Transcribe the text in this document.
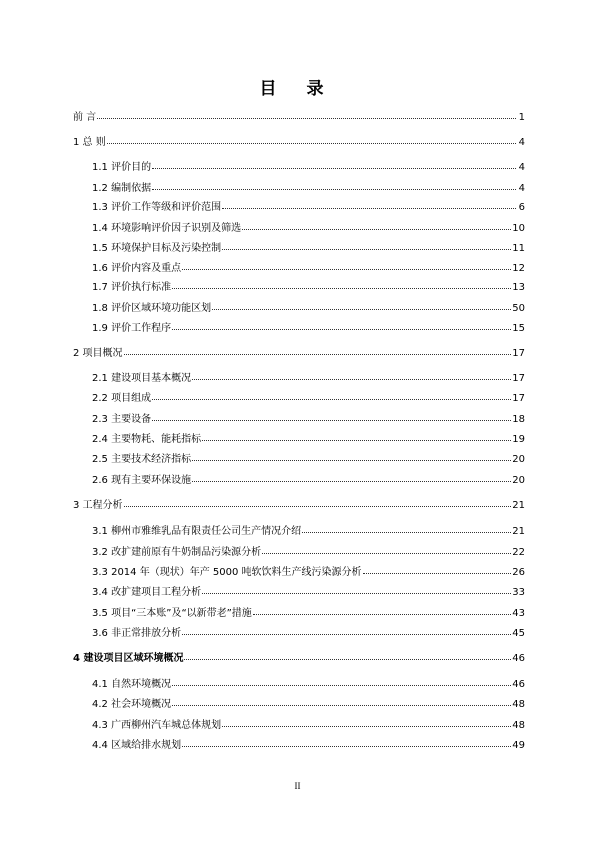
目 录
前 言	1
1 总 则	4
1.1 评价目的	4
1.2 编制依据	4
1.3 评价工作等级和评价范围	6
1.4 环境影响评价因子识别及筛选	10
1.5 环境保护目标及污染控制	11
1.6 评价内容及重点	12
1.7 评价执行标准	13
1.8 评价区域环境功能区划	50
1.9 评价工作程序	15
2 项目概况	17
2.1 建设项目基本概况	17
2.2 项目组成	17
2.3 主要设备	18
2.4 主要物耗、能耗指标	19
2.5 主要技术经济指标	20
2.6 现有主要环保设施	20
3 工程分析	21
3.1 柳州市雅维乳品有限责任公司生产情况介绍	21
3.2 改扩建前原有牛奶制品污染源分析	22
3.3 2014 年（现状）年产 5000 吨软饮料生产线污染源分析	26
3.4 改扩建项目工程分析	33
3.5 项目“三本账”及“以新带老”措施	43
3.6 非正常排放分析	45
4 建设项目区域环境概况	46
4.1 自然环境概况	46
4.2 社会环境概况	48
4.3 广西柳州汽车城总体规划	48
4.4 区域给排水规划	49
II
